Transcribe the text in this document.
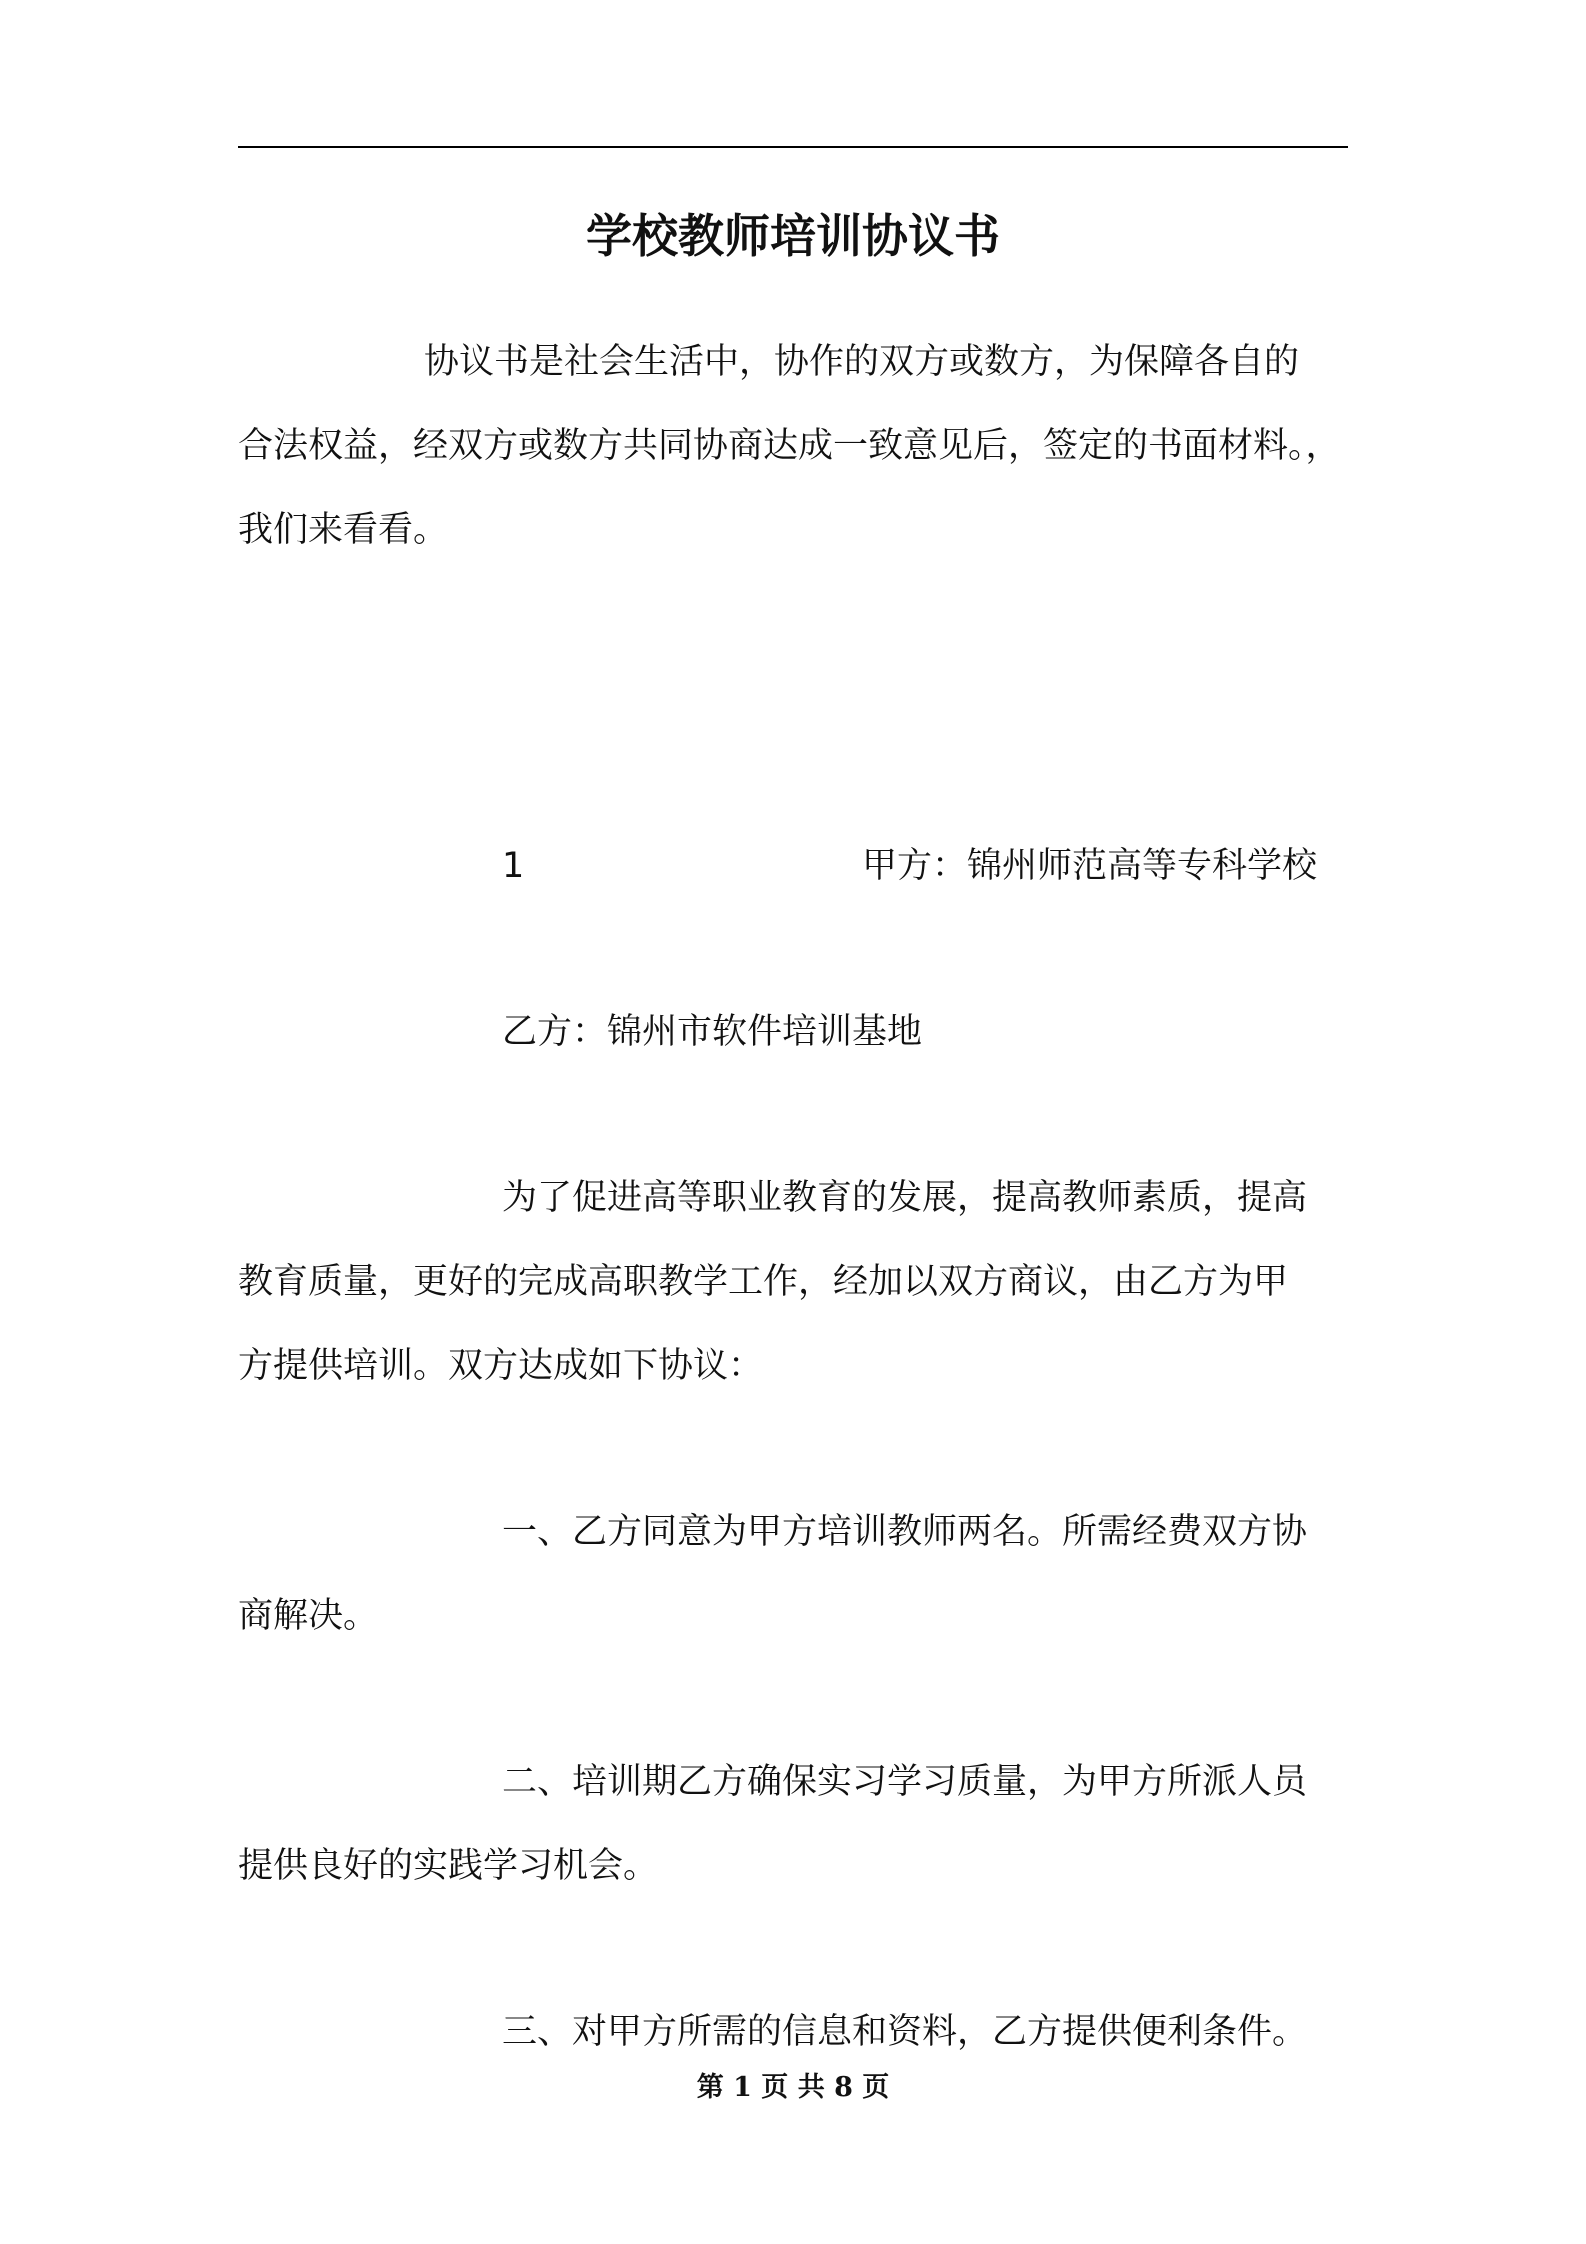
学校教师培训协议书
协议书是社会生活中，协作的双方或数方，为保障各自的
合法权益，经双方或数方共同协商达成一致意见后，签定的书面材料。，
我们来看看。
1	甲方：锦州师范高等专科学校
乙方：锦州市软件培训基地
为了促进高等职业教育的发展，提高教师素质，提高
教育质量，更好的完成高职教学工作，经加以双方商议，由乙方为甲
方提供培训。双方达成如下协议：
一、乙方同意为甲方培训教师两名。所需经费双方协
商解决。
二、培训期乙方确保实习学习质量，为甲方所派人员
提供良好的实践学习机会。
三、对甲方所需的信息和资料，乙方提供便利条件。
第 1 页 共 8 页
